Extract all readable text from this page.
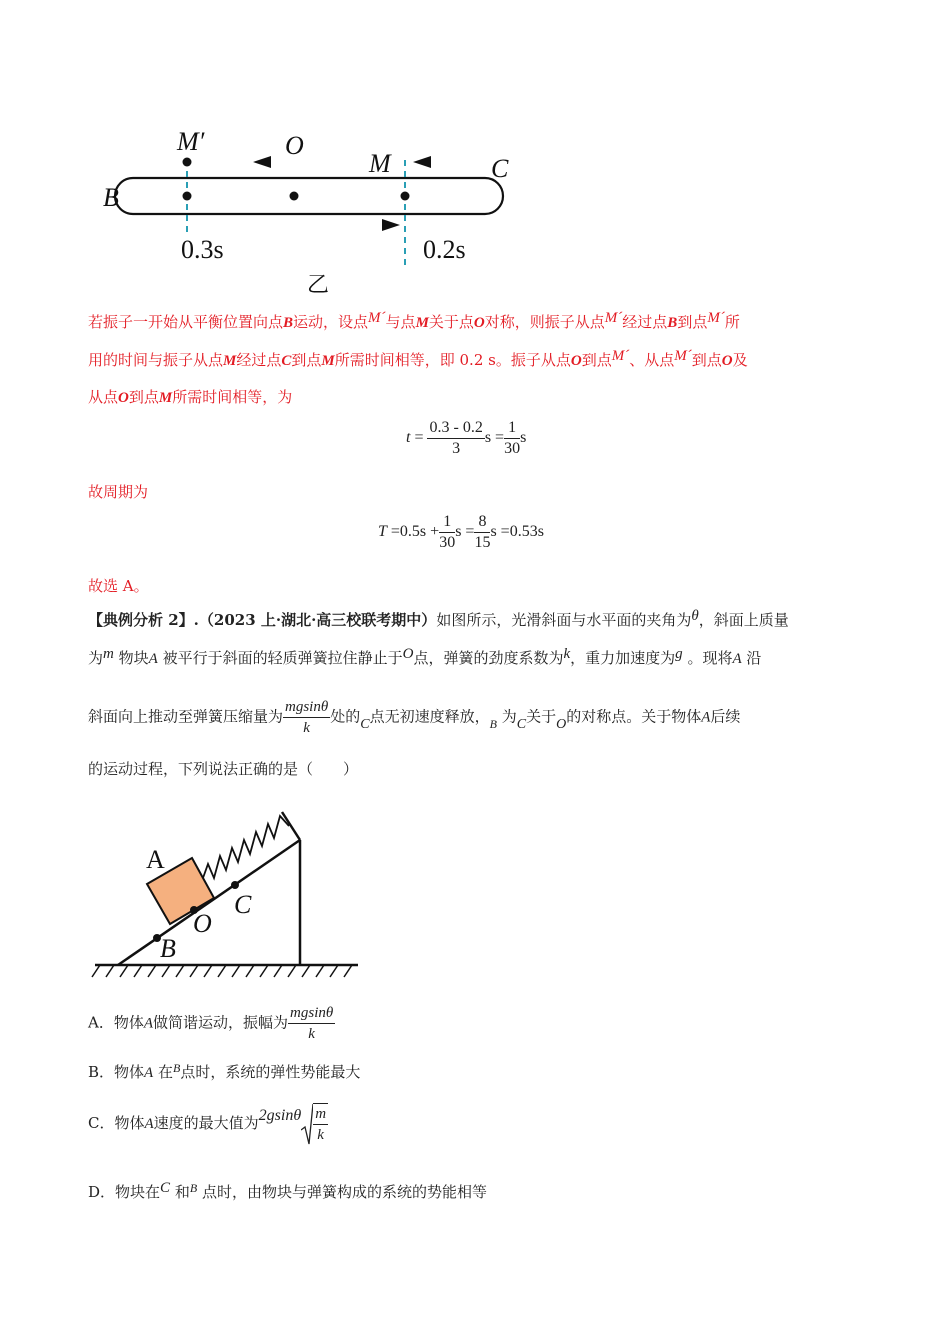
B
C
O
M
M′
0.3s	0.2s
乙
若振子一开始从平衡位置向点B运动，设点M´与点M关于点O对称，则振子从点M´经过点B到点M´所
用的时间与振子从点M经过点C到点M所需时间相等，即 0.2 s。振子从点O到点M´、从点M´到点O及
从点O到点M所需时间相等，为
$t = \frac{0.3 - 0.2}{3}$ $s = \frac{1}{30}$ s
故周期为
$T =0.5s + \frac{1}{30}$ $s = \frac{8}{15}$ s =0.53s
故选 A。
【典例分析 2】.（2023 上·湖北·高三校联考期中）如图所示，光滑斜面与水平面的夹角为θ，斜面上质量
为m 物块A 被平行于斜面的轻质弹簧拉住静止于O点，弹簧的劲度系数为k，重力加速度为g 。现将A 沿
斜面向上推动至弹簧压缩量为 $\frac{mgsin\theta}{k}$ 处的C点无初速度释放，$_B$ 为C关于O的对称点。关于物体A后续
的运动过程，下列说法正确的是（　　）
A
O
C
B
A．物体A做简谐运动，振幅为 $\frac{mgsin\theta}{k}$
B．物体A 在$^B$点时，系统的弹性势能最大
C．物体A速度的最大值为$2gsin\theta \frac{m}{k}$
D．物块在C 和$^B$ 点时，由物块与弹簧构成的系统的势能相等
